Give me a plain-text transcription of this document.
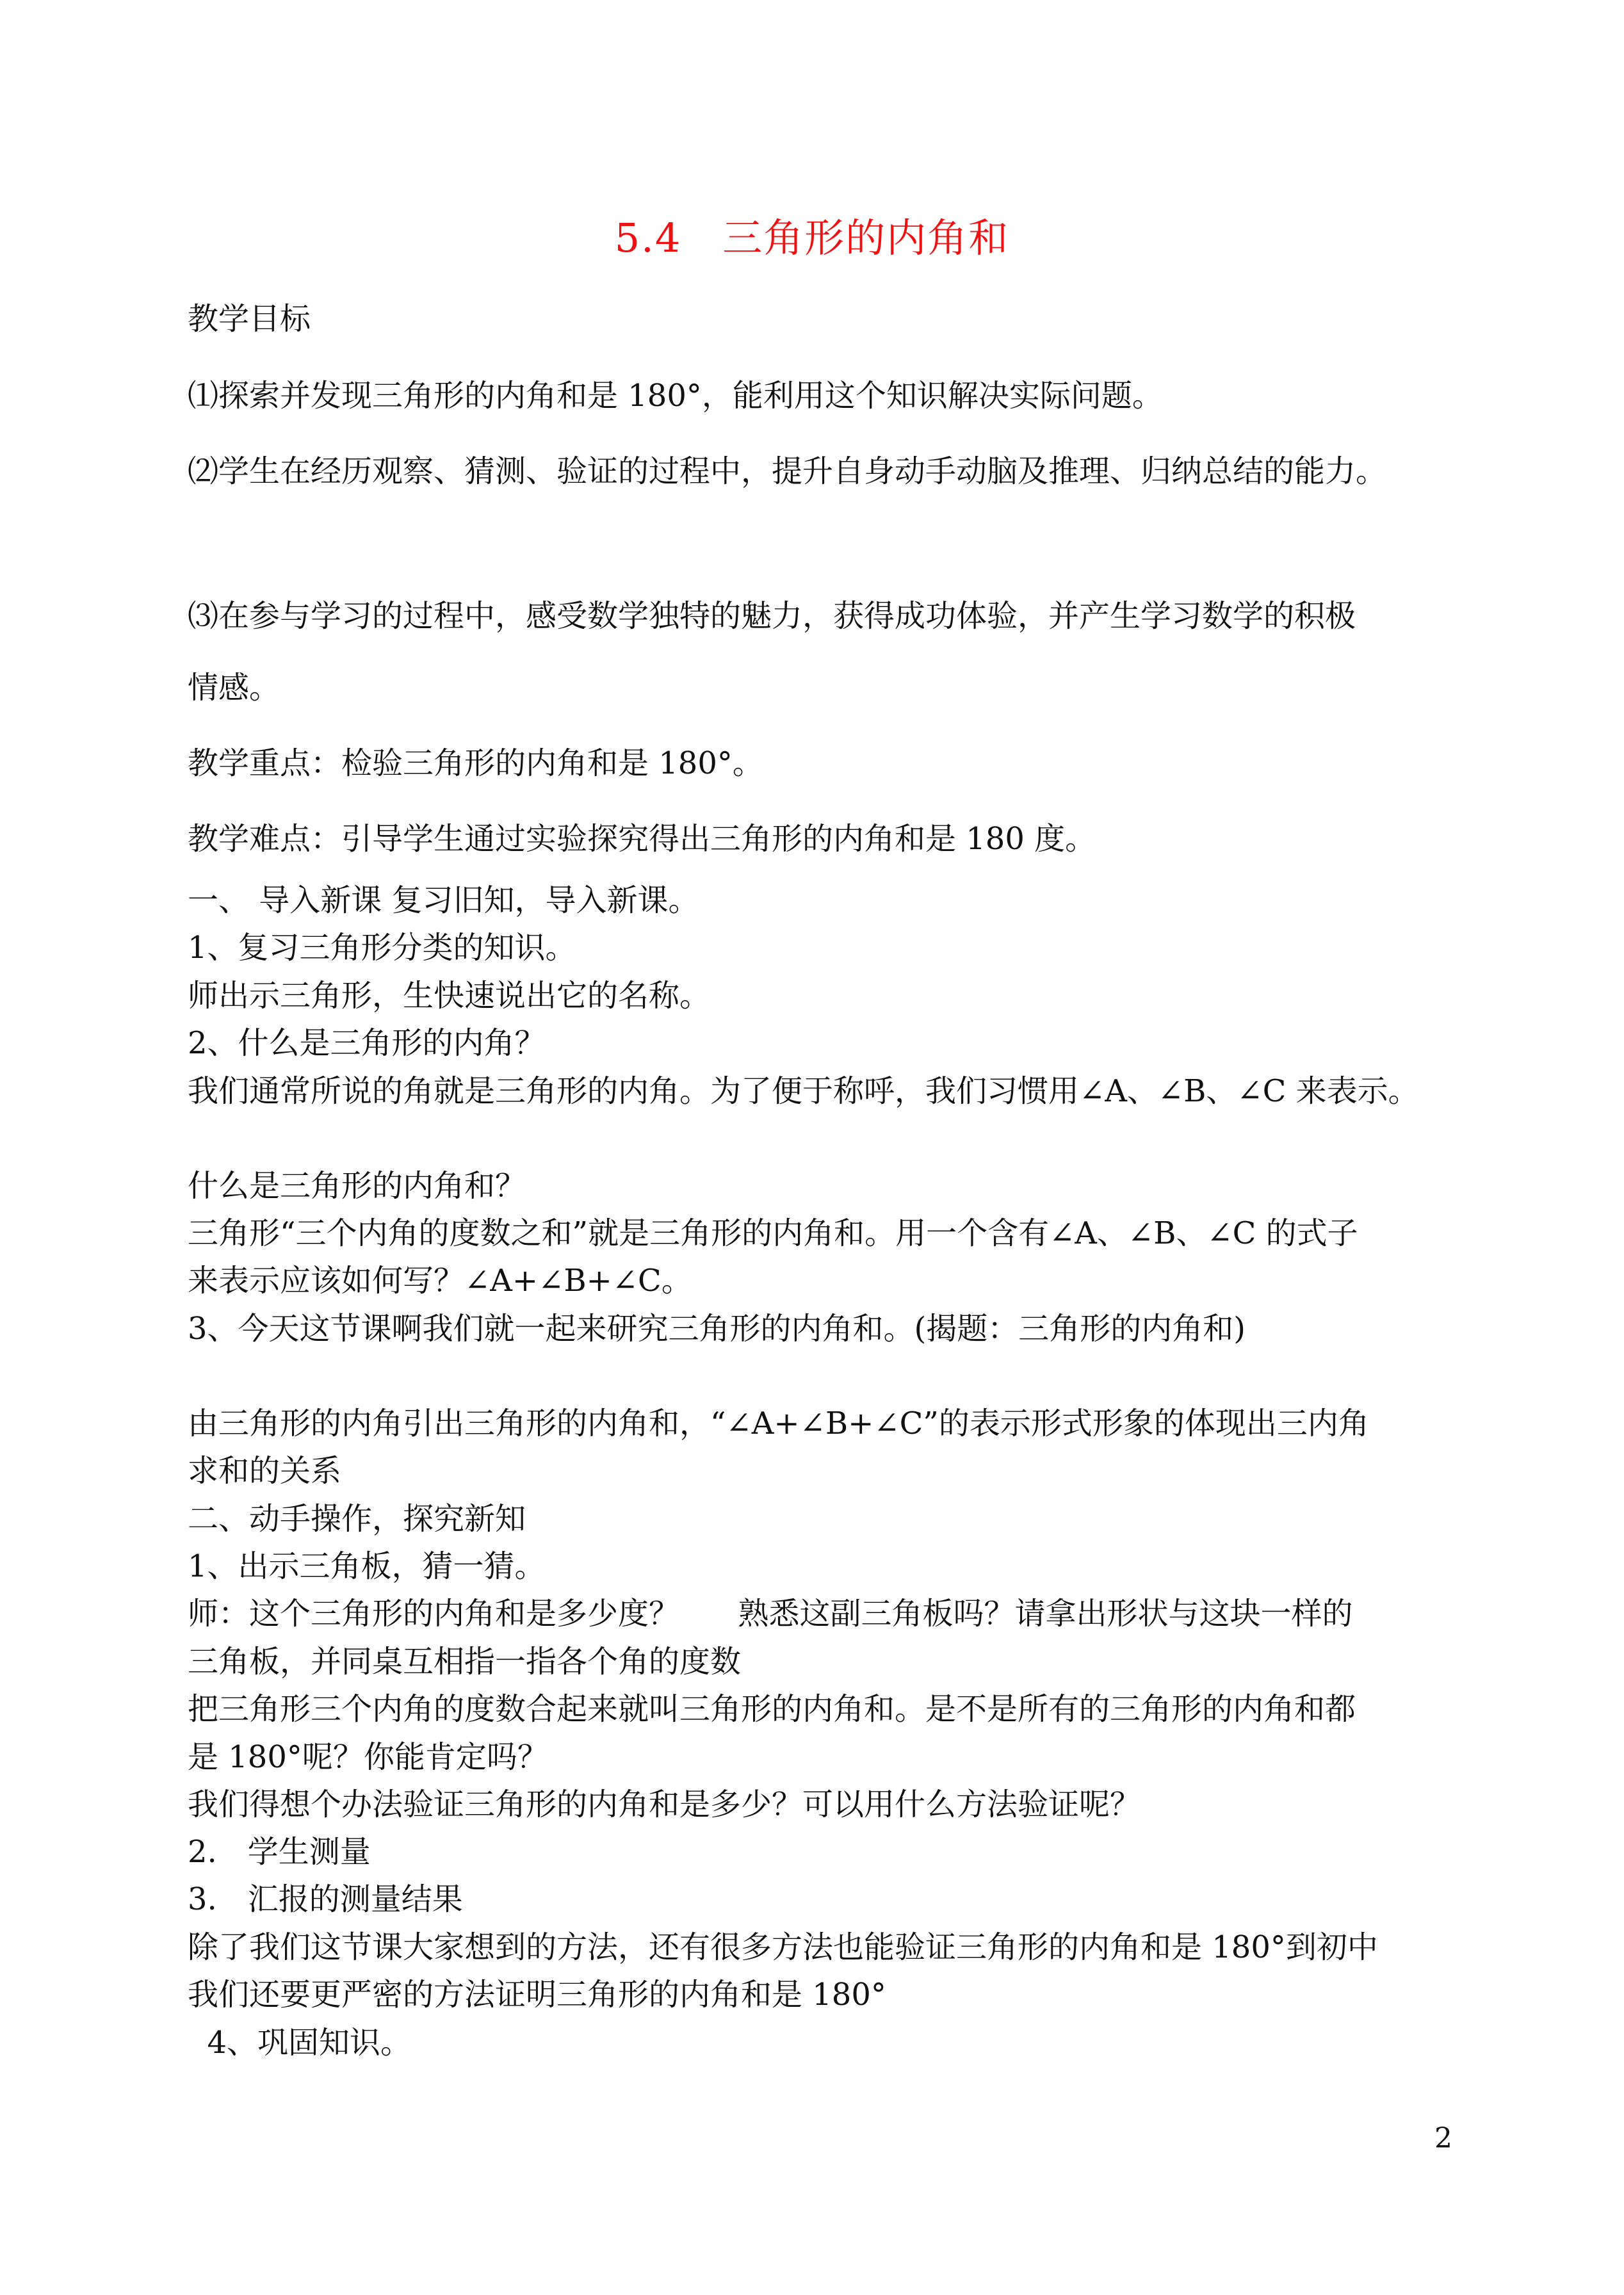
5.4　三角形的内角和
教学目标
⑴探索并发现三角形的内角和是 180°，能利用这个知识解决实际问题。
⑵学生在经历观察、猜测、验证的过程中，提升自身动手动脑及推理、归纳总结的能力。
⑶在参与学习的过程中，感受数学独特的魅力，获得成功体验，并产生学习数学的积极
情感。
教学重点：检验三角形的内角和是 180°。
教学难点：引导学生通过实验探究得出三角形的内角和是 180 度。
一、 导入新课 复习旧知，导入新课。
1、复习三角形分类的知识。
师出示三角形，生快速说出它的名称。
2、什么是三角形的内角？
我们通常所说的角就是三角形的内角。为了便于称呼，我们习惯用∠A、∠B、∠C 来表示。
什么是三角形的内角和？
三角形“三个内角的度数之和”就是三角形的内角和。用一个含有∠A、∠B、∠C 的式子
来表示应该如何写？∠A+∠B+∠C。
3、今天这节课啊我们就一起来研究三角形的内角和。(揭题：三角形的内角和)
由三角形的内角引出三角形的内角和，“∠A+∠B+∠C”的表示形式形象的体现出三内角
求和的关系
二、动手操作，探究新知
1、出示三角板，猜一猜。
师：这个三角形的内角和是多少度？      熟悉这副三角板吗？请拿出形状与这块一样的
三角板，并同桌互相指一指各个角的度数
把三角形三个内角的度数合起来就叫三角形的内角和。是不是所有的三角形的内角和都
是 180°呢？你能肯定吗？
我们得想个办法验证三角形的内角和是多少？可以用什么方法验证呢？
2.　学生测量
3.　汇报的测量结果
除了我们这节课大家想到的方法，还有很多方法也能验证三角形的内角和是 180°到初中
我们还要更严密的方法证明三角形的内角和是 180°
4、巩固知识。
2
